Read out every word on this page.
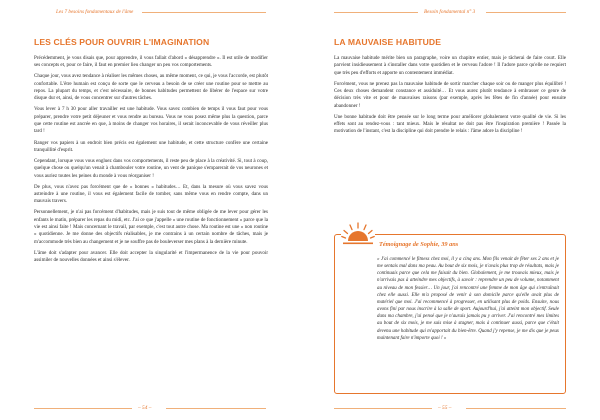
Les 7 besoins fondamentaux de l'âme
LES CLÉS POUR OUVRIR L'IMAGINATION

Précédemment, je vous disais que, pour apprendre, il vous fallait d'abord « désapprendre ». Il est utile de modifier ses concepts et, pour ce faire, il faut en premier lieu changer un peu vos comportements.

Chaque jour, vous avez tendance à réaliser les mêmes choses, au même moment, ce qui, je vous l'accorde, est plutôt confortable. L'être humain est conçu de sorte que le cerveau a besoin de se créer une routine pour se mettre au repos. La plupart du temps, et c'est nécessaire, de bonnes habitudes permettent de libérer de l'espace sur votre disque dur et, ainsi, de vous concentrer sur d'autres tâches.

Vous lever à 7 h 30 pour aller travailler est une habitude. Vous savez combien de temps il vous faut pour vous préparer, prendre votre petit déjeuner et vous rendre au bureau. Vous ne vous posez même plus la question, parce que cette routine est ancrée en que, à moins de changer vos horaires, il serait inconcevable de vous réveiller plus tard !

Ranger vos papiers à un endroit bien précis est également une habitude, et cette structure confère une certaine tranquillité d'esprit.

Cependant, lorsque vous vous engluez dans vos comportements, il reste peu de place à la créativité. Si, tout à coup, quelque chose ou quelqu'un venait à chambouler votre routine, un vent de panique s'emparerait de vos neurones et vous auriez toutes les peines du monde à vous réorganiser !

De plus, vous n'avez pas forcément que de « bonnes » habitudes… Et, dans la mesure où vous savez vous astreindre à une routine, il vous est également facile de tomber, sans même vous en rendre compte, dans un mauvais travers.

Personnellement, je n'ai pas forcément d'habitudes, mais je suis tout de même obligée de me lever pour gérer les enfants le matin, préparer les repas du midi, etc. J'ai ce que j'appelle « une routine de fonctionnement » parce que la vie est ainsi faite ! Mais concernant le travail, par exemple, c'est tout autre chose. Ma routine est une « non routine » quotidienne. Je me donne des objectifs réalisables, je me contrains à un certain nombre de tâches, mais je m'accommode très bien au changement et je ne souffre pas de bouleverser mes plans à la dernière minute.

L'âme doit s'adapter pour avancer. Elle doit accepter la singularité et l'impermanence de la vie pour pouvoir assimiler de nouvelles données et ainsi s'élever.

– 54 –
Besoin fondamental n° 3
LA MAUVAISE HABITUDE

La mauvaise habitude mérite bien un paragraphe, voire un chapitre entier, mais je tâcherai de faire court. Elle parvient insidieusement à s'installer dans votre quotidien et le cerveau l'adore ! Il l'adore parce qu'elle ne requiert que très peu d'efforts et apporte un contentement immédiat.

Forcément, vous ne prenez pas la mauvaise habitude de sortir marcher chaque soir ou de manger plus équilibré ! Ces deux choses demandent constance et assiduité… Et vous aurez plutôt tendance à embrasser ce genre de décision très vite et pour de mauvaises raisons (par exemple, après les fêtes de fin d'année) pour ensuite abandonner !

Une bonne habitude doit être pensée sur le long terme pour améliorer globalement votre qualité de vie. Si les effets sont au rendez-vous : tant mieux. Mais le résultat ne doit pas être l'inspiration première ! Passée la motivation de l'instant, c'est la discipline qui doit prendre le relais : l'âme adore la discipline !

Témoignage de Sophie, 39 ans

« J'ai commencé le fitness chez moi, il y a cinq ans. Mon fils venait de fêter ses 2 ans et je me sentais mal dans ma peau. Au bout de six mois, je n'avais plus trop de résultats, mais je continuais parce que cela me faisait du bien. Globalement, je me trouvais mieux, mais je n'arrivais pas à atteindre mes objectifs, à savoir : reprendre un peu de volume, notamment au niveau de mon fessier… Un jour, j'ai rencontré une femme de mon âge qui s'entraînait chez elle aussi. Elle m'a proposé de venir à son domicile parce qu'elle avait plus de matériel que moi. J'ai recommencé à progresser, en utilisant plus de poids. Ensuite, nous avons fini par nous inscrire à la salle de sport. Aujourd'hui, j'ai atteint mon objectif. Seule dans ma chambre, j'ai pensé que je n'aurais jamais pu y arriver. J'ai rencontré mes limites au bout de six mois, je me suis mise à stagner, mais à continuer aussi, parce que c'était devenu une habitude qui m'apportait du bien-être. Quand j'y repense, je me dis que je peux maintenant faire n'importe quoi ! »

– 55 –
